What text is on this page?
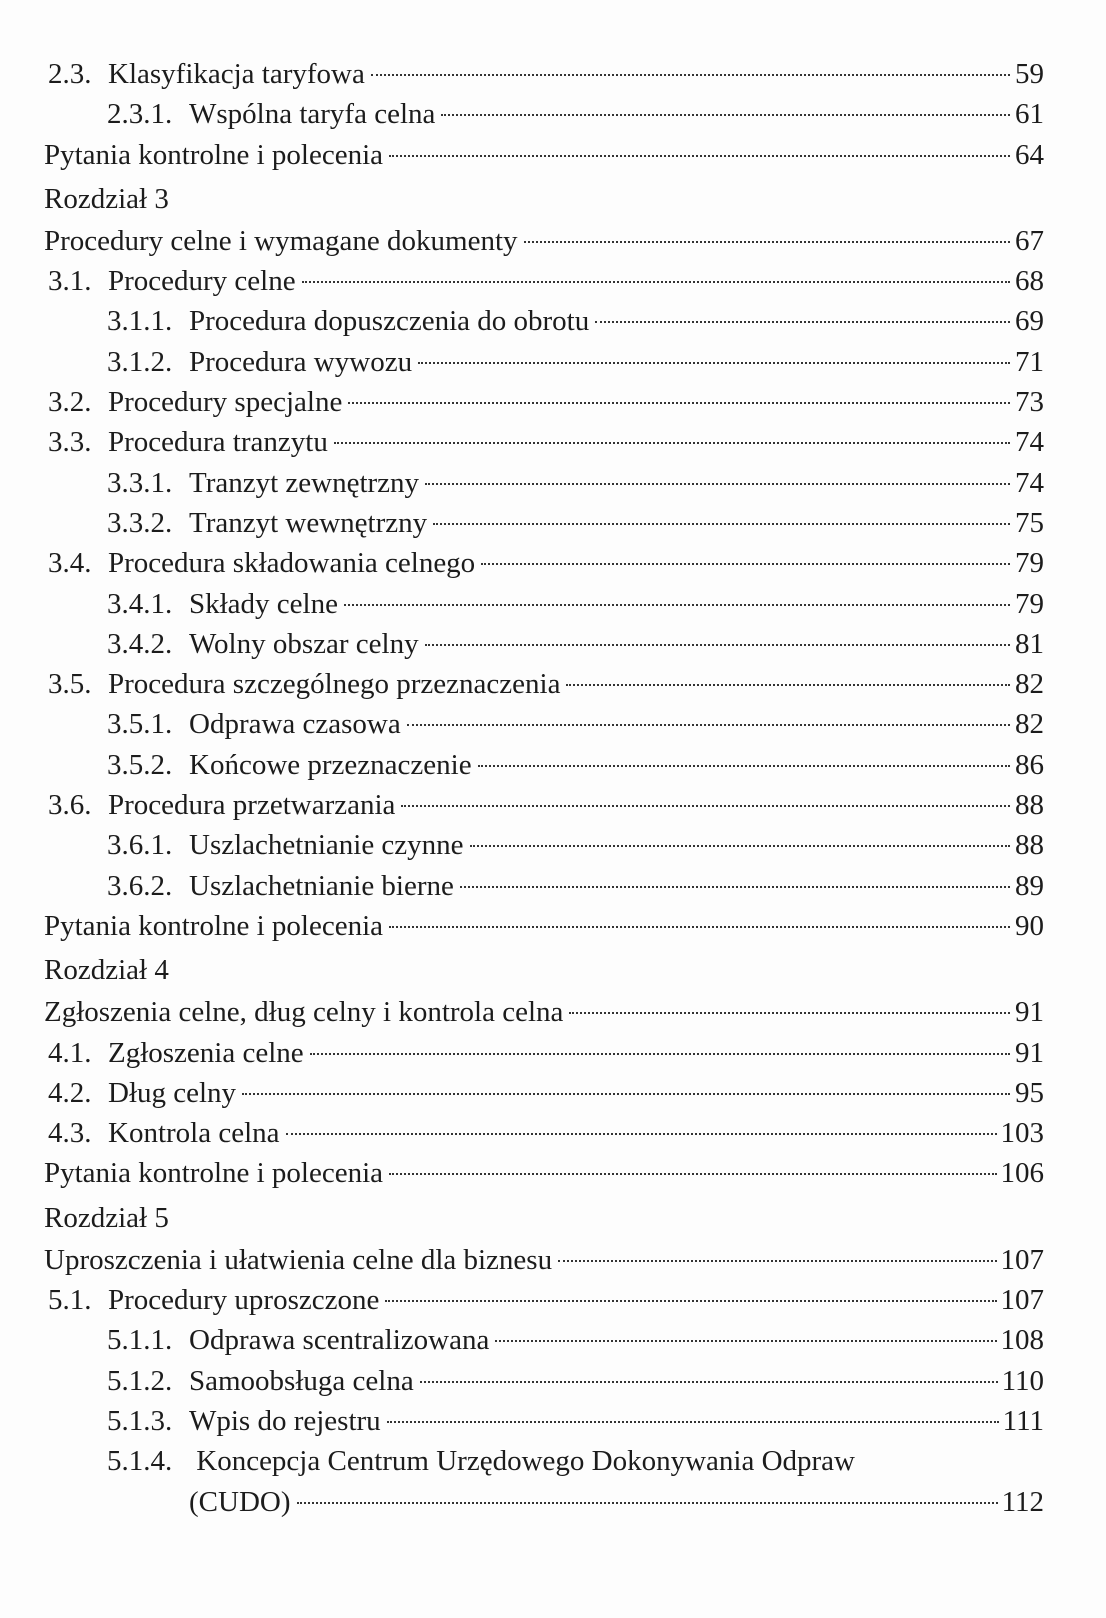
2.3. Klasyfikacja taryfowa	59
2.3.1. Wspólna taryfa celna	61
Pytania kontrolne i polecenia	64
Rozdział 3
Procedury celne i wymagane dokumenty	67
3.1. Procedury celne	68
3.1.1. Procedura dopuszczenia do obrotu	69
3.1.2. Procedura wywozu	71
3.2. Procedury specjalne	73
3.3. Procedura tranzytu	74
3.3.1. Tranzyt zewnętrzny	74
3.3.2. Tranzyt wewnętrzny	75
3.4. Procedura składowania celnego	79
3.4.1. Składy celne	79
3.4.2. Wolny obszar celny	81
3.5. Procedura szczególnego przeznaczenia	82
3.5.1. Odprawa czasowa	82
3.5.2. Końcowe przeznaczenie	86
3.6. Procedura przetwarzania	88
3.6.1. Uszlachetnianie czynne	88
3.6.2. Uszlachetnianie bierne	89
Pytania kontrolne i polecenia	90
Rozdział 4
Zgłoszenia celne, dług celny i kontrola celna	91
4.1. Zgłoszenia celne	91
4.2. Dług celny	95
4.3. Kontrola celna	103
Pytania kontrolne i polecenia	106
Rozdział 5
Uproszczenia i ułatwienia celne dla biznesu	107
5.1. Procedury uproszczone	107
5.1.1. Odprawa scentralizowana	108
5.1.2. Samoobsługa celna	110
5.1.3. Wpis do rejestru	111
5.1.4. Koncepcja Centrum Urzędowego Dokonywania Odpraw
(CUDO)	112
